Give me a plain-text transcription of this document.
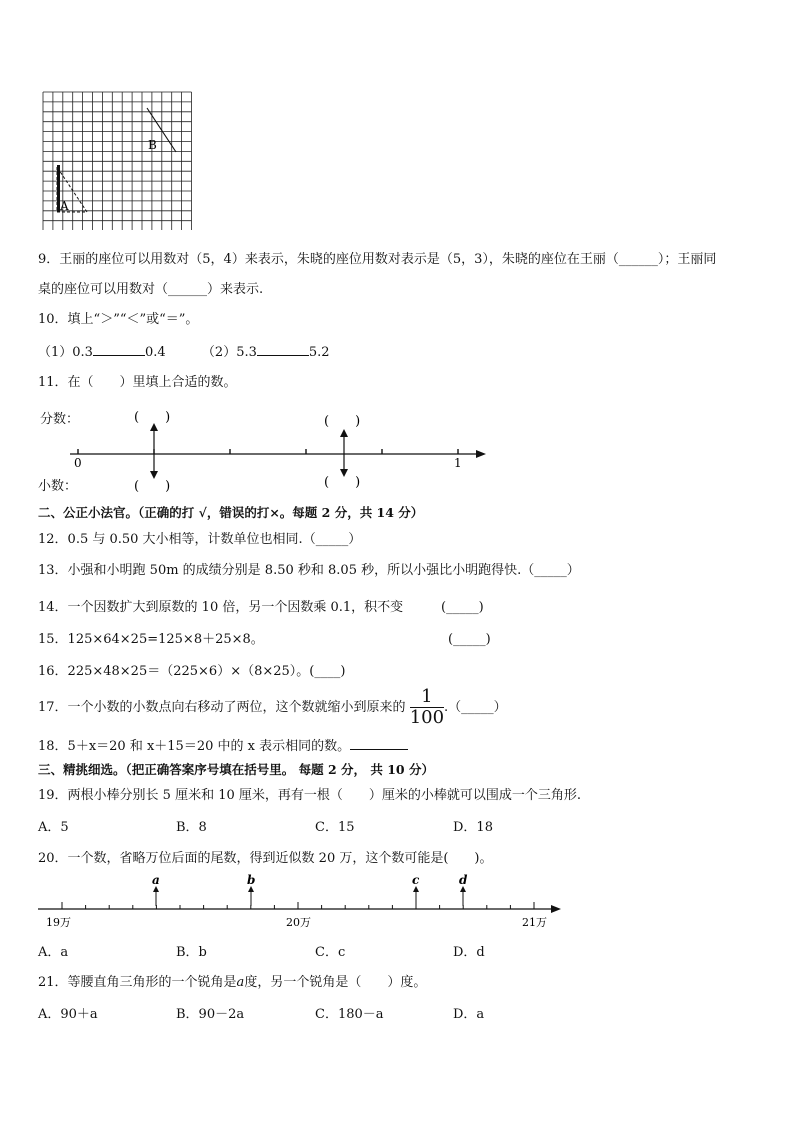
B
A
9．王丽的座位可以用数对（5，4）来表示，朱晓的座位用数对表示是（5，3），朱晓的座位在王丽（______）；王丽同
桌的座位可以用数对（______）来表示.
10．填上“＞”“＜”或“＝”。
（1）0.3	0.4	（2）5.3	5.2
11．在（　　）里填上合适的数。
分数：
小数：
(　　)	(　　)
(　　)	(　　)
0	1
二、公正小法官。（正确的打 √，错误的打×。每题 2 分，共 14 分）
12．0.5 与 0.50 大小相等，计数单位也相同.（_____）
13．小强和小明跑 50m 的成绩分别是 8.50 秒和 8.05 秒，所以小强比小明跑得快.（_____）
14．一个因数扩大到原数的 10 倍，另一个因数乘 0.1，积不变	(_____)
15．125×64×25=125×8＋25×8。	(_____)
16．225×48×25＝（225×6）×（8×25）。(____)
17．一个小数的小数点向右移动了两位，这个数就缩小到原来的 $\frac{1}{100}$ .（_____）
18．5＋x＝20 和 x＋15＝20 中的 x 表示相同的数。
三、精挑细选。（把正确答案序号填在括号里。 每题 2 分， 共 10 分）
19．两根小棒分别长 5 厘米和 10 厘米，再有一根（　　）厘米的小棒就可以围成一个三角形.
A．5	B．8	C．15	D．18
20．一个数，省略万位后面的尾数，得到近似数 20 万，这个数可能是(　　)。
a	b	c	d
19万	20万	21万
A．a	B．b	C．c	D．d
21．等腰直角三角形的一个锐角是a度，另一个锐角是（　　）度。
A．90＋a	B．90－2a	C．180－a	D．a
